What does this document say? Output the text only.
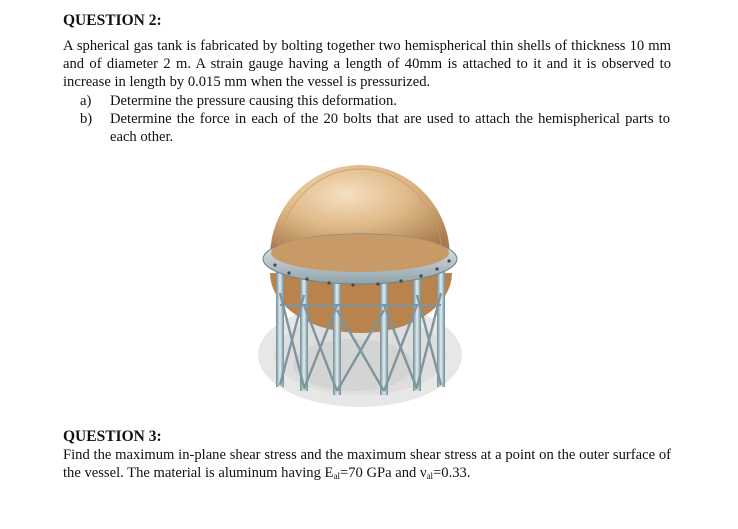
QUESTION 2:

A spherical gas tank is fabricated by bolting together two hemispherical thin shells of thickness 10 mm and of diameter 2 m. A strain gauge having a length of 40mm is attached to it and it is observed to increase in length by 0.015 mm when the vessel is pressurized.

a)	Determine the pressure causing this deformation.
b)	Determine the force in each of the 20 bolts that are used to attach the hemispherical parts to each other.
QUESTION 3:

Find the maximum in-plane shear stress and the maximum shear stress at a point on the outer surface of the vessel. The material is aluminum having $E_{al}=70$ GPa and $\nu_{al}=0.33$.
